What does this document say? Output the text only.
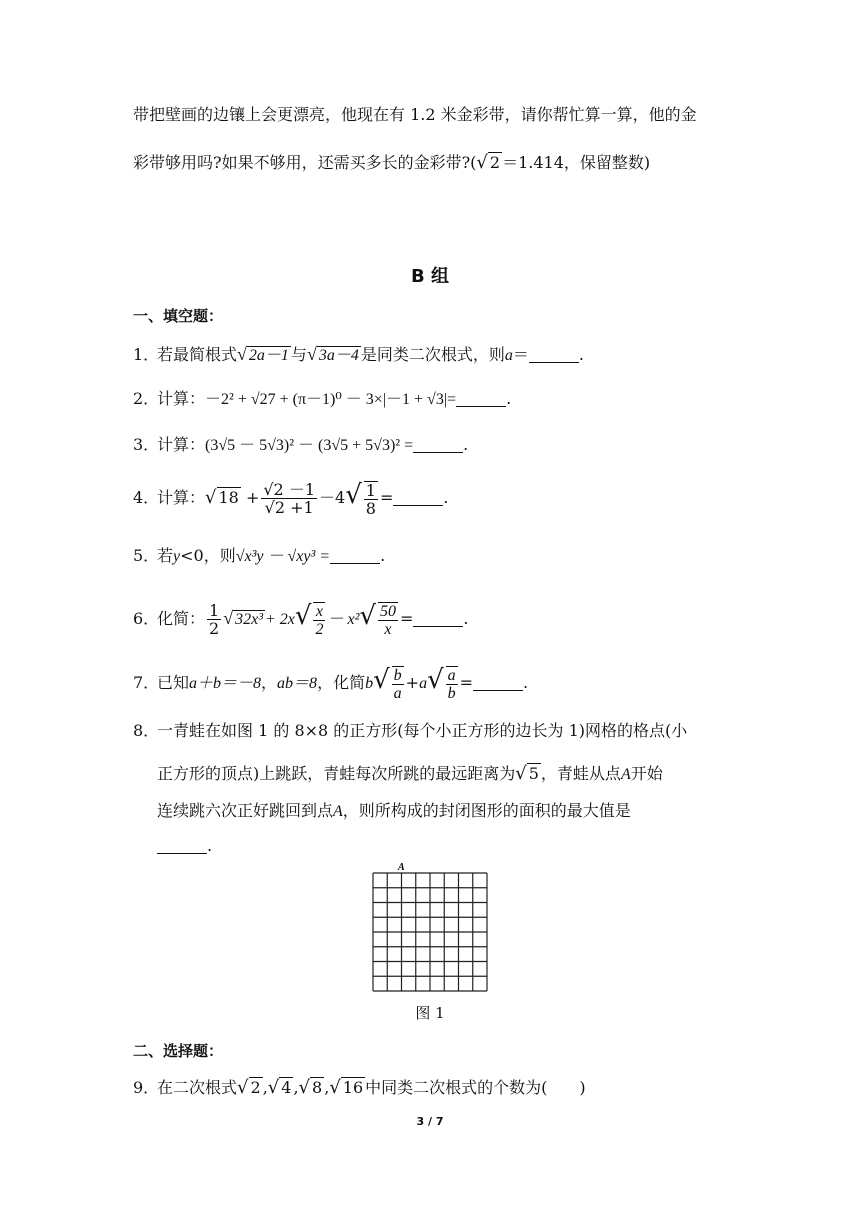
带把壁画的边镶上会更漂亮，他现在有 1.2 米金彩带，请你帮忙算一算，他的金
彩带够用吗?如果不够用，还需买多长的金彩带?(√ 2 ＝1.414，保留整数)
B 组
一、填空题：
1．若最简根式√ 2a－1 与√ 3a－4 是同类二次根式，则a＝	.
2．计算：－2² + √27 + (π－1)⁰ － 3×|－1 + √3|=	.
3．计算：(3√5 － 5√3)² － (3√5 + 5√3)² =	.
4．计算：√ $18 + \frac{√2 -1}{√2 +1} -4√ \frac{1}{8}$ =	.
5．若y<0，则√x³y － √xy³ =	.
6．化简： $\frac{1}{2}$ √ $32x^3 + 2x√ \frac{x}{2} - x^2√ \frac{50}{x}$ =	.
7．已知a＋b＝－8，ab＝8，化简$b√ \frac{b}{a} +a√ \frac{a}{b}$ =	.
8．一青蛙在如图 1 的 8×8 的正方形(每个小正方形的边长为 1)网格的格点(小
正方形的顶点)上跳跃，青蛙每次所跳的最远距离为√ 5 ，青蛙从点A开始
连续跳六次正好跳回到点A，则所构成的封闭图形的面积的最大值是
.
A
图 1
二、选择题：
9．在二次根式√ 2 ,√ 4 ,√ 8 ,√ 16 中同类二次根式的个数为( )
3 / 7
